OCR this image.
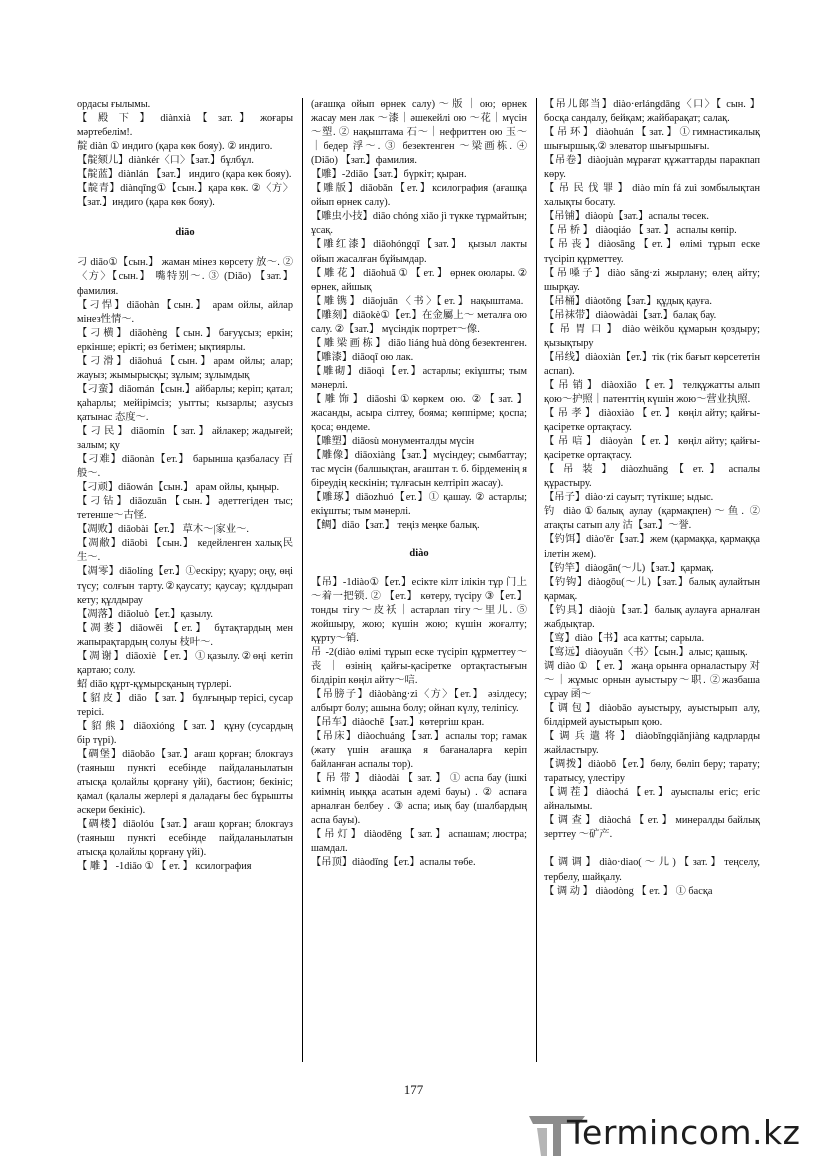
ордасы ғылымы.

【 殿 下 】 diànxià 【 зат. 】 жоғары мәртебелім!.

靛 diàn ① индиго (қара көк бояу). ② индиго.

【靛颏儿】diànkér〈口〉【зат.】бұлбұл.

【靛蓝】diànlán 【зат.】 индиго (қара көк бояу).

【靛青】diànqīng①【сын.】қара көк. ②〈方〉【зат.】индиго (қара көк бояу).

diāo

刁 diāo①【сын.】 жаман мінез көрсету 放～. ②〈方〉【сын.】 嘴特别～. ③ (Diāo) 【зат.】фамилия.

【刁悍】diāohàn【сын.】 арам ойлы, айлар мінез性情～.

【刁横】diāohèng【сын.】бағуұсыз; еркін; еркінше; ерікті; өз бетімен; ықтиярлы.

【刁滑】diāohuá【сын.】арам ойлы; алар; жауыз; жымырысқы; зұлым; зұлымдық

【刁蛮】diāomán【сын.】айбарлы; керіп; қатал; қаһарлы; мейірімсіз; уытты; кызарлы; азусыз қатынас 态度～.

【 刁 民 】 diāomín 【 зат. 】 айлакер; жадығей; залым; қу

【刁难】diāonàn【ет.】 барынша қазбаласу 百般～.

【刁顽】diāowán【сын.】 арам ойлы, қыңыр.

【刁钻】diāozuān【сын.】әдеттегіден тыс; тетенше～古怪.

【凋败】diāobài【ет.】 草木～|家业～.

【凋敝】diāobì 【сын.】 кедейленген халық民生～.

【凋零】diāolíng【ет.】①ескіру; қуару; оңу, өңі түсу; солғын тарту.②қаусату; қаусау; құлдырап кету; құлдырау

【凋落】diāoluò【ет.】қазылу.

【凋萎】diāowěi 【ет.】 бұтақтардың мен жапырақтардың солуы 枝叶～.

【凋谢】diāoxiè【ет.】①қазылу.②өңі кетіп қартаю; солу.

蛁 diāo құрт-құмырсқаның түрлері.

【 貂 皮 】 diāo 【 зат. 】 бұлғыңыр терісі, сусар терісі.

【 貂 熊 】 diāoxióng 【 зат. 】 құну (сусардың бір түрі).

【碉堡】diāobǎo【зат.】ағаш қорған; блокгауз (таяныш пункті есебінде пайдаланылатын атысқа қолайлы қорғану үйі), бастион; бекініс; қамал (қалалы жерлері я даладағы бес бұрышты әскери бекініс).

【碉楼】diāolóu【зат.】ағаш қорған; блокгауз (таяныш пункті есебінде пайдаланылатын атысқа қолайлы қорғану үйі).

【 雕 】 -1diāo ① 【 ет. 】 ксилография

(ағашқа ойып өрнек салу)～版｜ою; өрнек жасау мен лак ～漆｜әшекейлі ою ～花｜мүсін ～塑. ② нақыштама 石～｜нефриттен ою 玉～｜бедер 浮～. ③ безектенген ～梁画栋. ④ (Diāo) 【зат.】фамилия.

【雕】-2diāo【зат.】бүркіт; қыран.

【雕版】diāobǎn【ет.】ксилография (ағашқа ойып өрнек салу).

【雕虫小技】diāo chóng xiǎo jì түкке тұрмайтын; ұсақ.

【雕红漆】diāohóngqī【зат.】 қызыл лакты ойып жасалған бұйымдар.

【 雕 花 】 diāohuā ① 【 ет. 】 өрнек оюлары. ② өрнек, айшық

【 雕 镌 】 diāojuān 〈 书 〉【 ет. 】 нақыштама.

【雕刻】diāokè①【ет.】在金屬上～ металға ою салу. ②【зат.】 мүсіндік портрет～像.

【 雕 梁 画 栋 】 diāo liáng huà dòng безектенген.

【雕漆】diāoqī ою лак.

【雕砌】diāoqì【ет.】астарлы; екіұшты; тым мәнерлі.

【雕饰】diāoshì①көркем ою. ②【зат.】 жасанды, асыра сілтеу, бояма; көппірме; қоспа; қоса; өндеме.

【雕塑】diāosù монументалды мүсін

【雕像】diāoxiàng【зат.】мүсіндеу; сымбаттау; тас мүсін (балшықтан, ағаштан т. б. бірдеменің я біреудің кескінін; тұлғасын келтіріп жасау).

【雕琢】diāozhuó【ет.】① қашау. ② астарлы; екіұшты; тым мәнерлі.

【鲷】diāo【зат.】 теңіз меңке балық.

diào

【吊】-1diào①【ет.】есікте кілт ілікін тұр 门上～着一把锁. ② 【ет.】 көтеру, түсіру ③【ет.】 тонды тігу～皮袄｜астарлап тігу～里儿. ⑤ жойшыру, жою; күшін жою; күшін жоғалту; құрту～销.

吊 -2(diào өлімі тұрып еске түсіріп құрметтеу～丧｜өзінің қайғы-қасіретке ортақтастығын білдіріп көңіл айту～唁.

【吊膀子】diàobàng·zi〈方〉【ет.】 әзілдесу; албырт болу; ашына болу; ойнап күлу, теліпісу.

【吊车】diàochē【зат.】көтергіш кран.

【吊床】diàochuáng【зат.】аспалы тор; гамак (жату үшін ағашқа я бағаналарға керіп байланған аспалы тор).

【 吊 带 】 diàodài 【 зат. 】 ① аспа бау (ішкі киімнің иыққа асатын әдемі бауы) . ② аспаға арналған белбеу . ③ аспа; иық бау (шалбардың аспа бауы).

【 吊 灯 】 diàodēng 【 зат. 】 аспашам; люстра; шамдал.

【吊顶】diàodǐng【ет.】аспалы төбе.

【吊儿郎当】diào·erlángdāng〈口〉【 сын. 】 босқа сандалу, бейқам; жайбарақат; салақ.

【 吊 环 】 diàohuán 【 зат. 】 ① гимнастикалық шығыршық.② элеватор шығыршығы.

【吊卷】diàojuàn мұрағат құжаттарды паракпап көру.

【 吊 民 伐 罪 】 diào mín fá zuì зомбылықтан халықты босату.

【吊铺】diàopù【зат.】аспалы төсек.

【 吊 桥 】 diàoqiáo 【 зат. 】 аспалы көпір.

【吊丧】diàosāng【ет.】өлімі тұрып еске түсіріп құрметтеу.

【吊嗓子】diào sǎng·zi жырлану; өлең айту; шырқау.

【吊桶】diàotǒng【зат.】құдық қауға.

【吊袜带】diàowàdài【зат.】балақ бау.

【 吊 胃 口 】 diào wèikǒu құмарын қоздыру; қызықтыру

【吊线】diàoxiàn【ет.】тік (тік бағыт көрсететін аспап).

【 吊 销 】 diàoxiāo 【 ет. 】 телқұжатты алып қою～护照｜патенттің күшін жою～营业执照.

【 吊 孝 】 diàoxiào 【 ет. 】 көңіл айту; қайғы-қасіретке ортақтасу.

【 吊 唁 】 diàoyàn 【 ет. 】 көңіл айту; қайғы-қасіретке ортақтасу.

【 吊 装 】 diàozhuāng 【 ет. 】 аспалы құрастыру.

【吊子】diào·zi сауыт; түтікше; ыдыс.

钓 diào①балық аулау (қармақпен)～鱼. ② атақты сатып алу 沽【зат.】～誉.

【钓饵】diào'ěr【зат.】жем (қармаққа, қармаққа ілетін жем).

【钓竿】diàogān(～儿)【зат.】қармақ.

【钓钩】diàogōu(～儿)【зат.】балық аулайтын қармақ.

【钓具】diàojù【зат.】балық аулауға арналған жабдықтар.

【窎】diào【书】аса катты; сарыла.

【窎远】diàoyuǎn〈书〉【сын.】алыс; қашық.

调 diào ① 【 ет. 】 жаңа орынға орналастыру 对～｜жұмыс орнын ауыстыру～职. ②жазбаша сұрау 函～

【调包】diàobāo ауыстыру, ауыстырып алу, білдірмей ауыстырып қою.

【 调 兵 遣 将 】 diàobīngqiǎnjiàng кадрларды жайластыру.

【调拨】diàobō【ет.】бөлу, бөліп беру; тарату; таратысу, үлестіру

【调茬】diàochá【ет.】ауыспалы егіс; егіс айналымы.

【 调 查 】 diàochá 【 ет. 】 минералды байлық зерттеу ～矿产.

【 调 调 】 diào·diao( ～ 儿 ) 【 зат. 】 теңселу, тербелу, шайқалу.

【 调 动 】 diàodòng 【 ет. 】 ① басқа

177
Termincom.kz
